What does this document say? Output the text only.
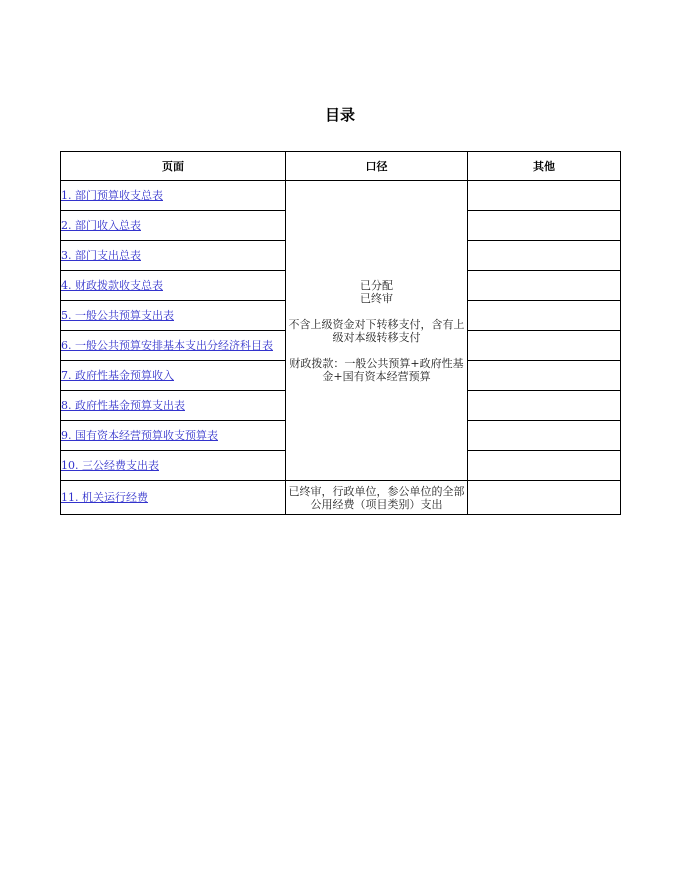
目录
页面	口径	其他

1. 部门预算收支总表	已分配
已终审
不含上级资金对下转移支付，含有上级对本级转移支付
财政拨款：一般公共预算+政府性基金+国有资本经营预算	

2. 部门收入总表		

3. 部门支出总表		

4. 财政拨款收支总表		

5. 一般公共预算支出表		

6. 一般公共预算安排基本支出分经济科目表		

7. 政府性基金预算收入		

8. 政府性基金预算支出表		

9. 国有资本经营预算收支预算表		

10. 三公经费支出表		

11. 机关运行经费	已终审，行政单位，参公单位的全部公用经费（项目类别）支出	
